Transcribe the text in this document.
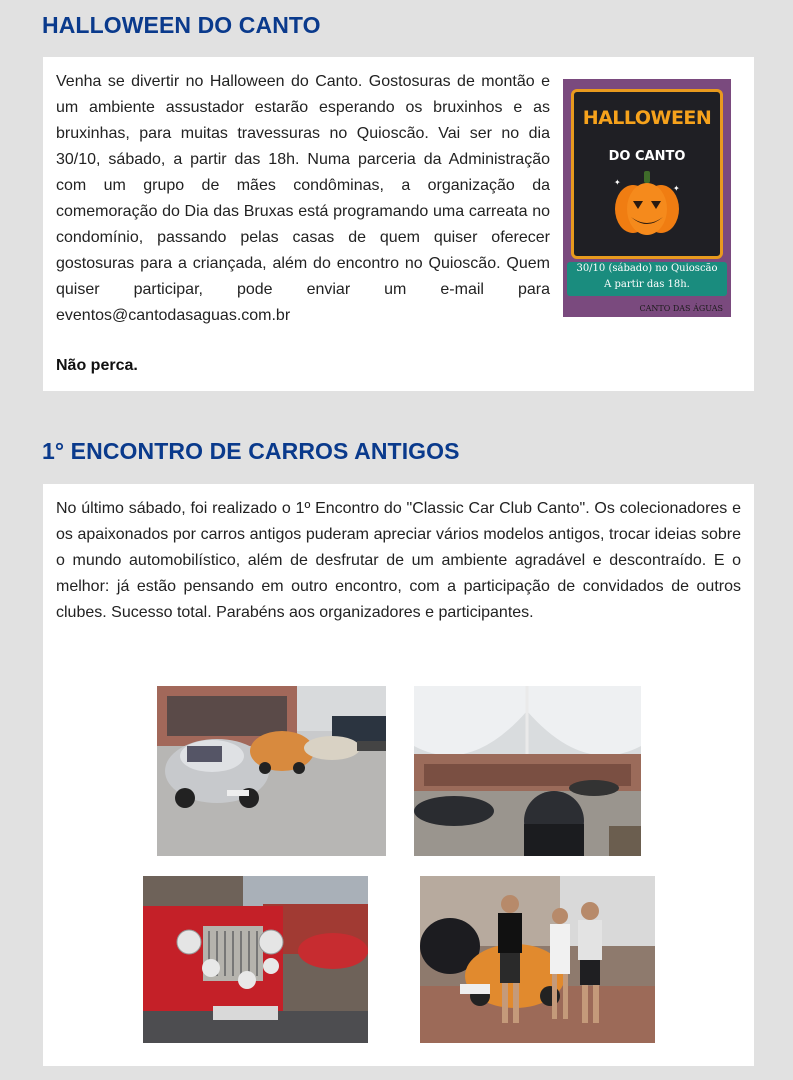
HALLOWEEN DO CANTO

Venha se divertir no Halloween do Canto. Gostosuras de montão e um ambiente assustador estarão esperando os bruxinhos e as bruxinhas, para muitas travessuras no Quioscão. Vai ser no dia 30/10, sábado, a partir das 18h. Numa parceria da Administração com um grupo de mães condôminas, a organização da comemoração do Dia das Bruxas está programando uma carreata no condomínio, passando pelas casas de quem quiser oferecer gostosuras para a criançada, além do encontro no Quioscão. Quem quiser participar, pode enviar um e-mail para eventos@cantodasaguas.com.br

Não perca.

HALLOWEEN
DO CANTO
✦
✦
30/10 (sábado) no Quioscão
A partir das 18h.
CANTO DAS ÁGUAS
1° ENCONTRO DE CARROS ANTIGOS

No último sábado, foi realizado o 1º Encontro do "Classic Car Club Canto". Os colecionadores e os apaixonados por carros antigos puderam apreciar vários modelos antigos, trocar ideias sobre o mundo automobilístico, além de desfrutar de um ambiente agradável e descontraído. E o melhor: já estão pensando em outro encontro, com a participação de convidados de outros clubes. Sucesso total. Parabéns aos organizadores e participantes.
